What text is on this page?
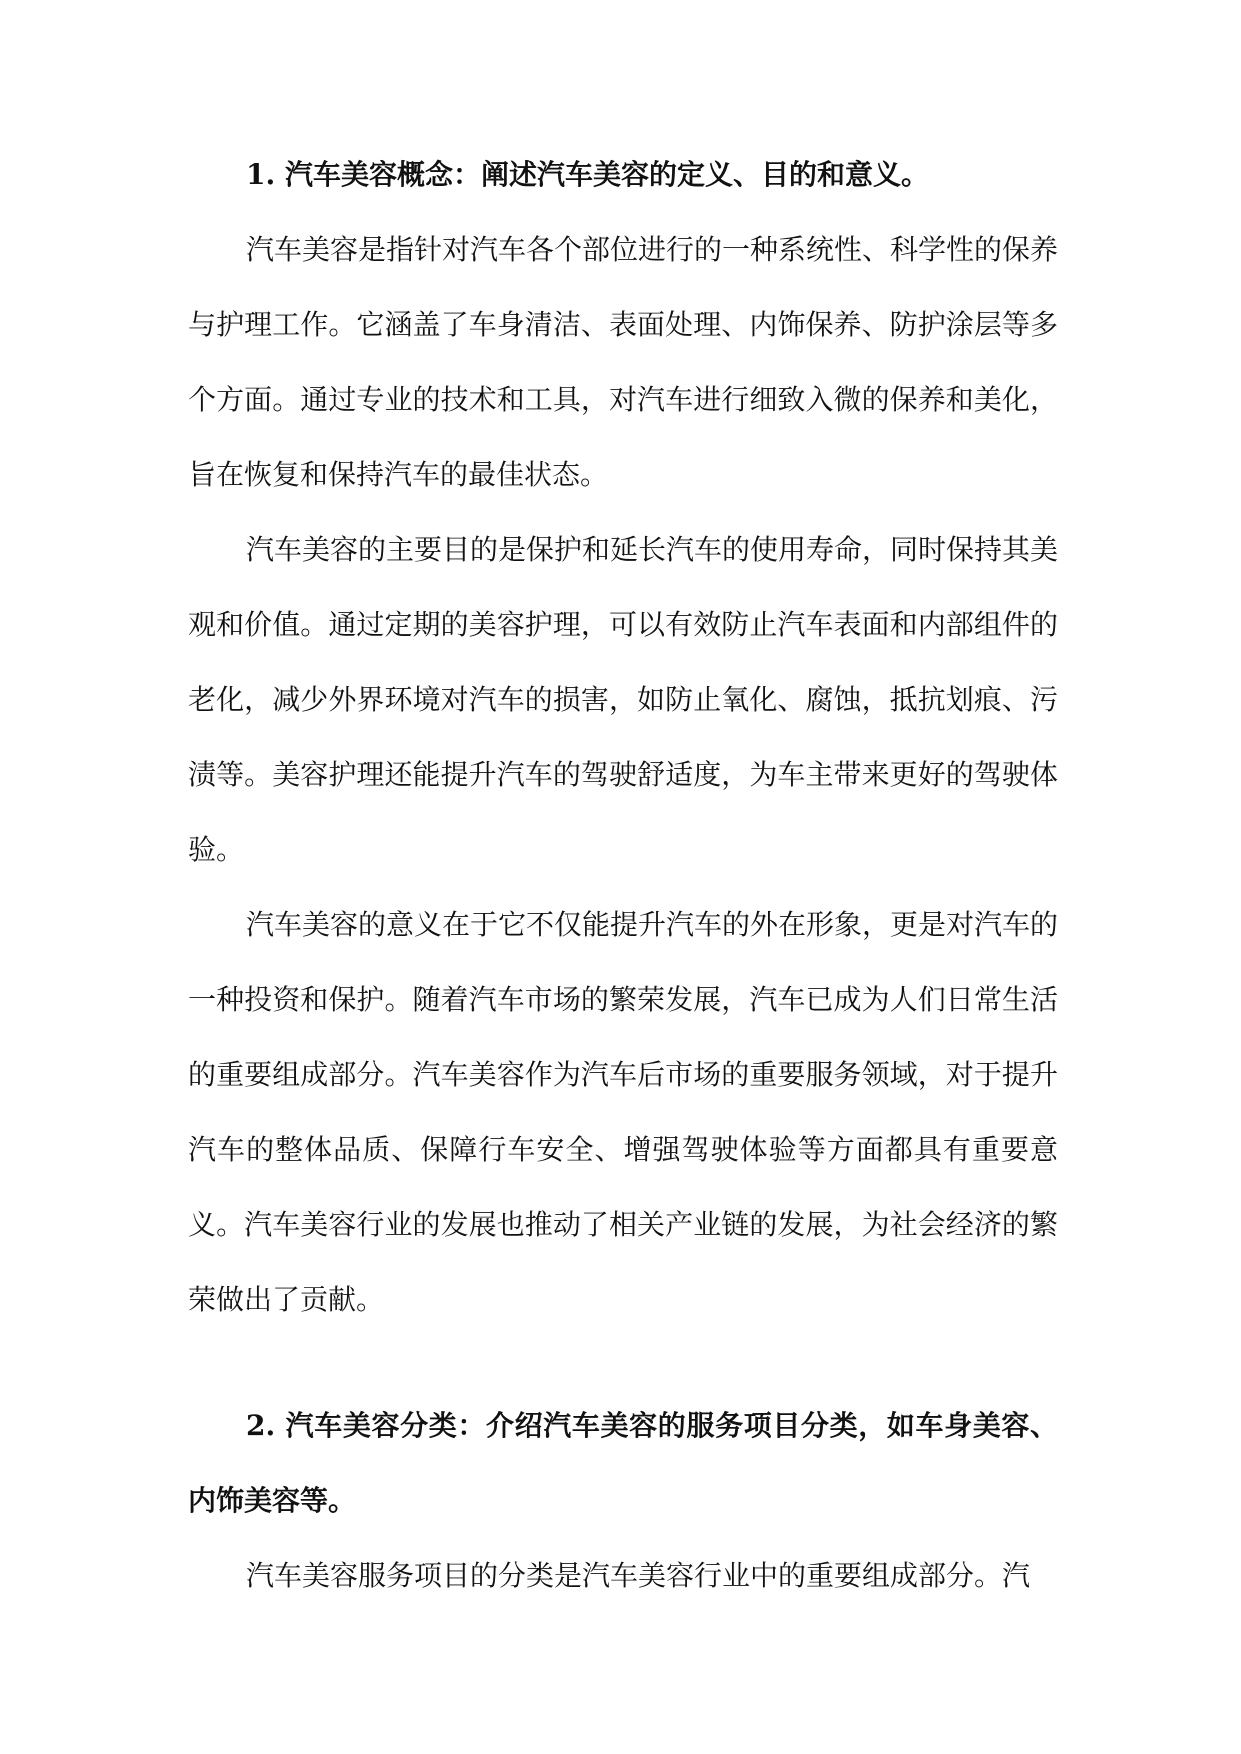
1. 汽车美容概念：阐述汽车美容的定义、目的和意义。

汽车美容是指针对汽车各个部位进行的一种系统性、科学性的保养与护理工作。它涵盖了车身清洁、表面处理、内饰保养、防护涂层等多个方面。通过专业的技术和工具，对汽车进行细致入微的保养和美化，旨在恢复和保持汽车的最佳状态。

汽车美容的主要目的是保护和延长汽车的使用寿命，同时保持其美观和价值。通过定期的美容护理，可以有效防止汽车表面和内部组件的老化，减少外界环境对汽车的损害，如防止氧化、腐蚀，抵抗划痕、污渍等。美容护理还能提升汽车的驾驶舒适度，为车主带来更好的驾驶体验。

汽车美容的意义在于它不仅能提升汽车的外在形象，更是对汽车的一种投资和保护。随着汽车市场的繁荣发展，汽车已成为人们日常生活的重要组成部分。汽车美容作为汽车后市场的重要服务领域，对于提升汽车的整体品质、保障行车安全、增强驾驶体验等方面都具有重要意义。汽车美容行业的发展也推动了相关产业链的发展，为社会经济的繁荣做出了贡献。

2. 汽车美容分类：介绍汽车美容的服务项目分类，如车身美容、内饰美容等。

汽车美容服务项目的分类是汽车美容行业中的重要组成部分。汽
